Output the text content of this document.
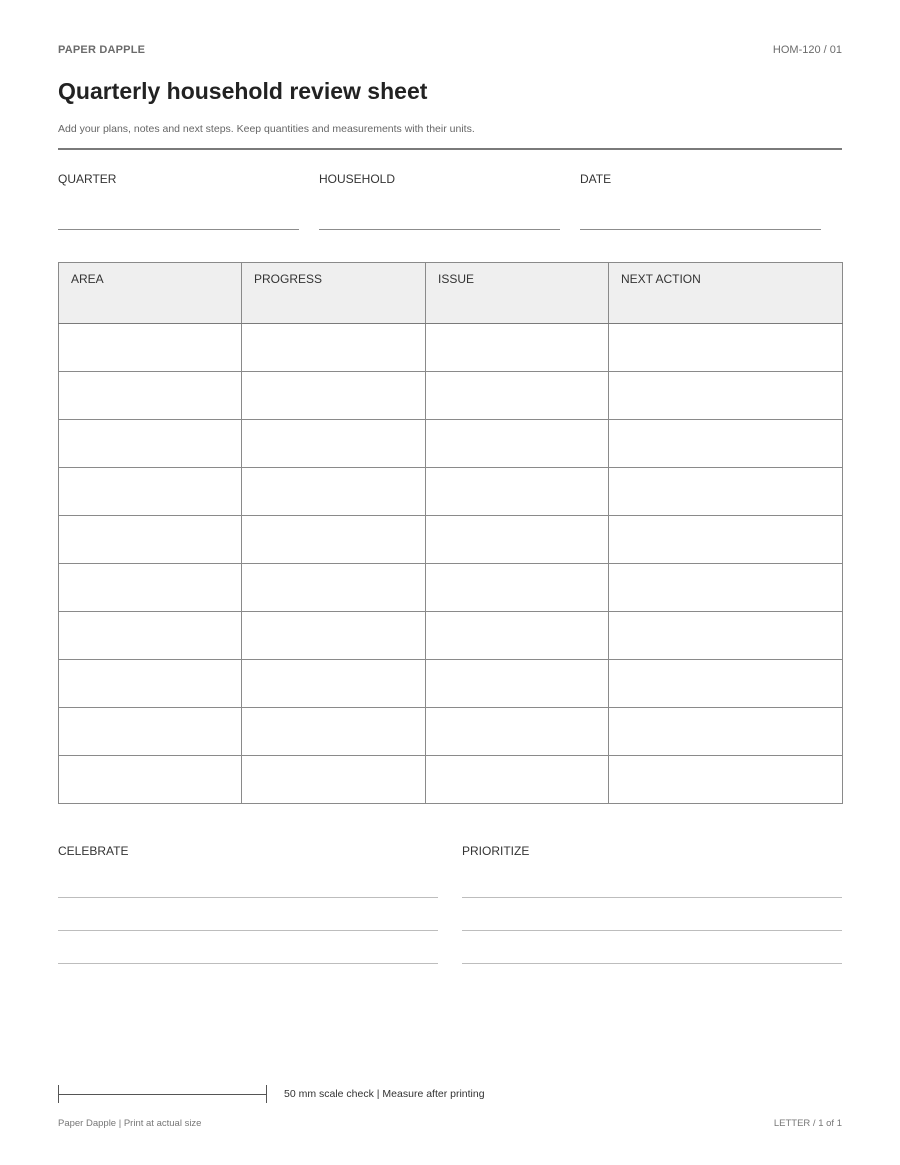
PAPER DAPPLE	HOM-120 / 01
Quarterly household review sheet
Add your plans, notes and next steps. Keep quantities and measurements with their units.
QUARTER	HOUSEHOLD	DATE
AREA	PROGRESS	ISSUE	NEXT ACTION

CELEBRATE	PRIORITIZE
50 mm scale check | Measure after printing
Paper Dapple | Print at actual size	LETTER / 1 of 1
